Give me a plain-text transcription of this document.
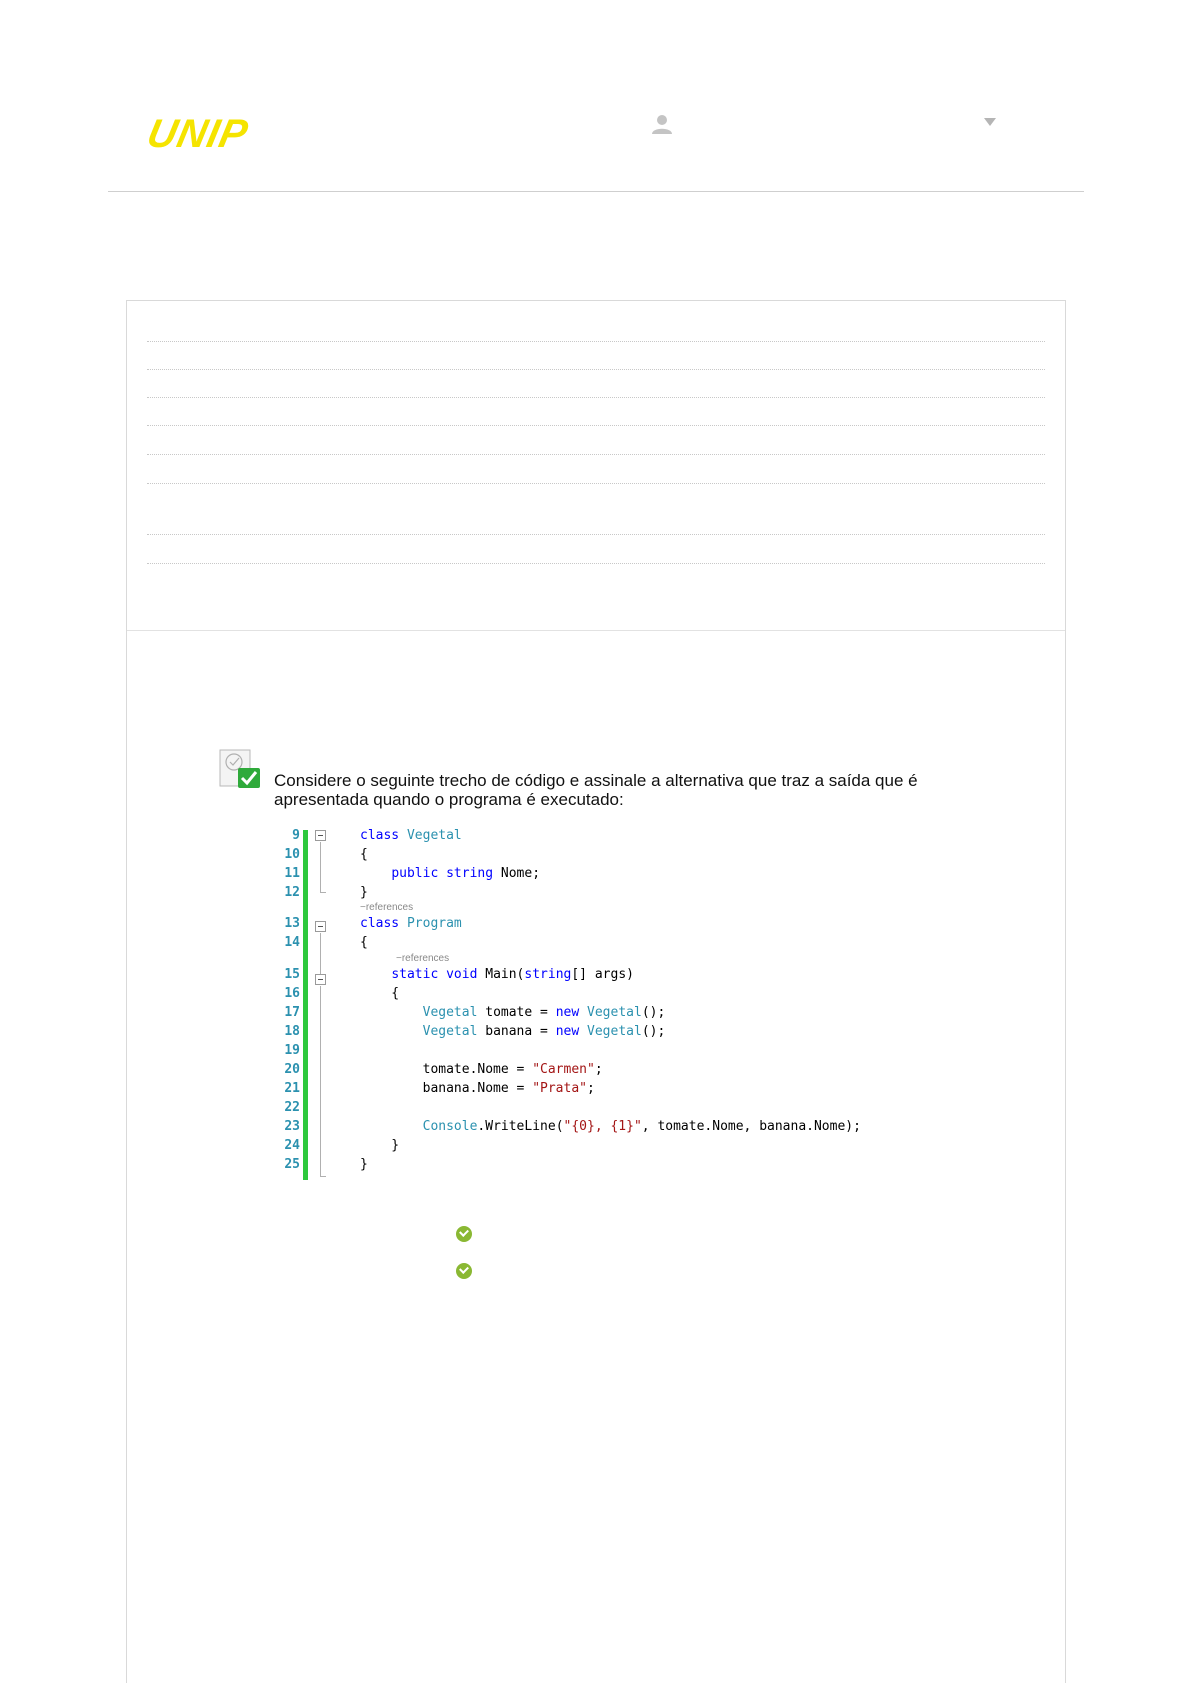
UNIP
Considere o seguinte trecho de código e assinale a alternativa que traz a saída que é apresentada quando o programa é executado:
9	class Vegetal
10	{
11	public string Nome;
12	}
−references
13	class Program
14	{
−references
15	static void Main(string[] args)
16	{
17	Vegetal tomate = new Vegetal();
18	Vegetal banana = new Vegetal();
19
20	tomate.Nome = "Carmen";
21	banana.Nome = "Prata";
22
23	Console.WriteLine("{0}, {1}", tomate.Nome, banana.Nome);
24	}
25	}
